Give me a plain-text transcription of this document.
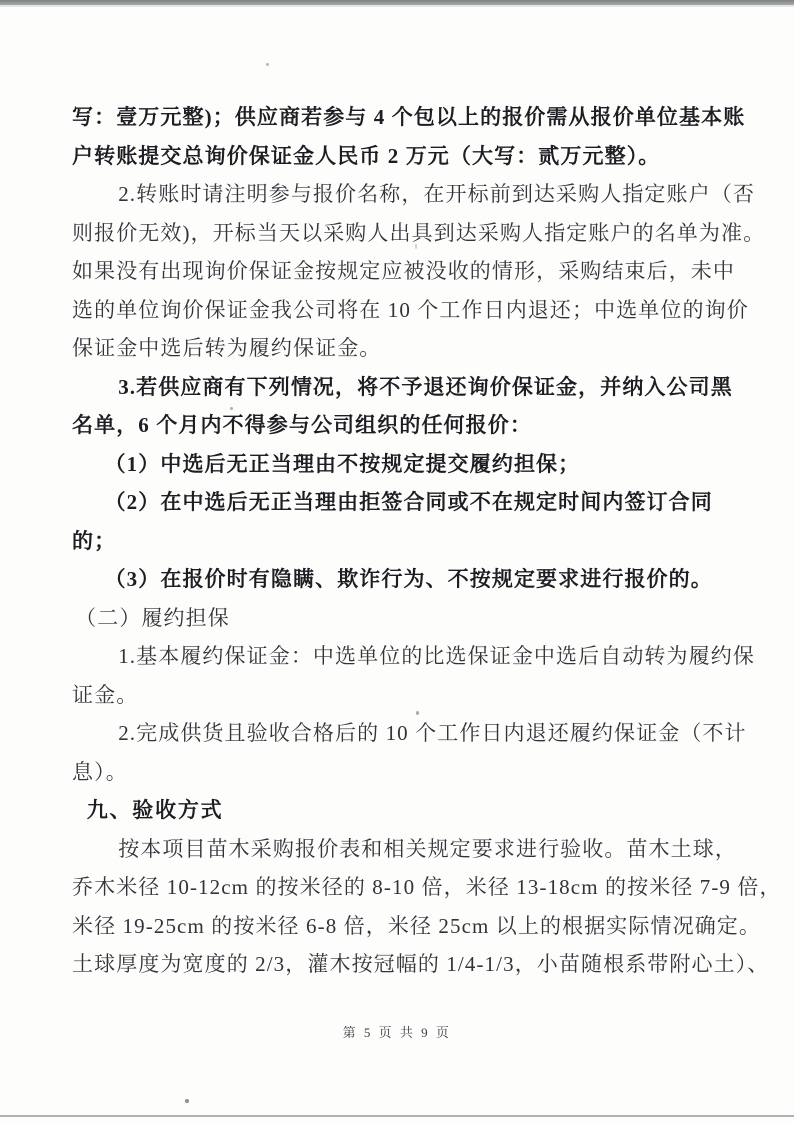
写：壹万元整)；供应商若参与 4 个包以上的报价需从报价单位基本账
户转账提交总询价保证金人民币 2 万元（大写：贰万元整）。
2.转账时请注明参与报价名称，在开标前到达采购人指定账户（否
则报价无效)，开标当天以采购人出具到达采购人指定账户的名单为准。
如果没有出现询价保证金按规定应被没收的情形，采购结束后，未中
选的单位询价保证金我公司将在 10 个工作日内退还；中选单位的询价
保证金中选后转为履约保证金。
3.若供应商有下列情况，将不予退还询价保证金，并纳入公司黑
名单，6 个月内不得参与公司组织的任何报价：
（1）中选后无正当理由不按规定提交履约担保；
（2）在中选后无正当理由拒签合同或不在规定时间内签订合同
的；
（3）在报价时有隐瞒、欺诈行为、不按规定要求进行报价的。
（二）履约担保
1.基本履约保证金：中选单位的比选保证金中选后自动转为履约保
证金。
2.完成供货且验收合格后的 10 个工作日内退还履约保证金（不计
息）。
九、验收方式
按本项目苗木采购报价表和相关规定要求进行验收。苗木土球，
乔木米径 10-12cm 的按米径的 8-10 倍，米径 13-18cm 的按米径 7-9 倍，
米径 19-25cm 的按米径 6-8 倍，米径 25cm 以上的根据实际情况确定。
土球厚度为宽度的 2/3，灌木按冠幅的 1/4-1/3，小苗随根系带附心土）、
第 5 页 共 9 页
